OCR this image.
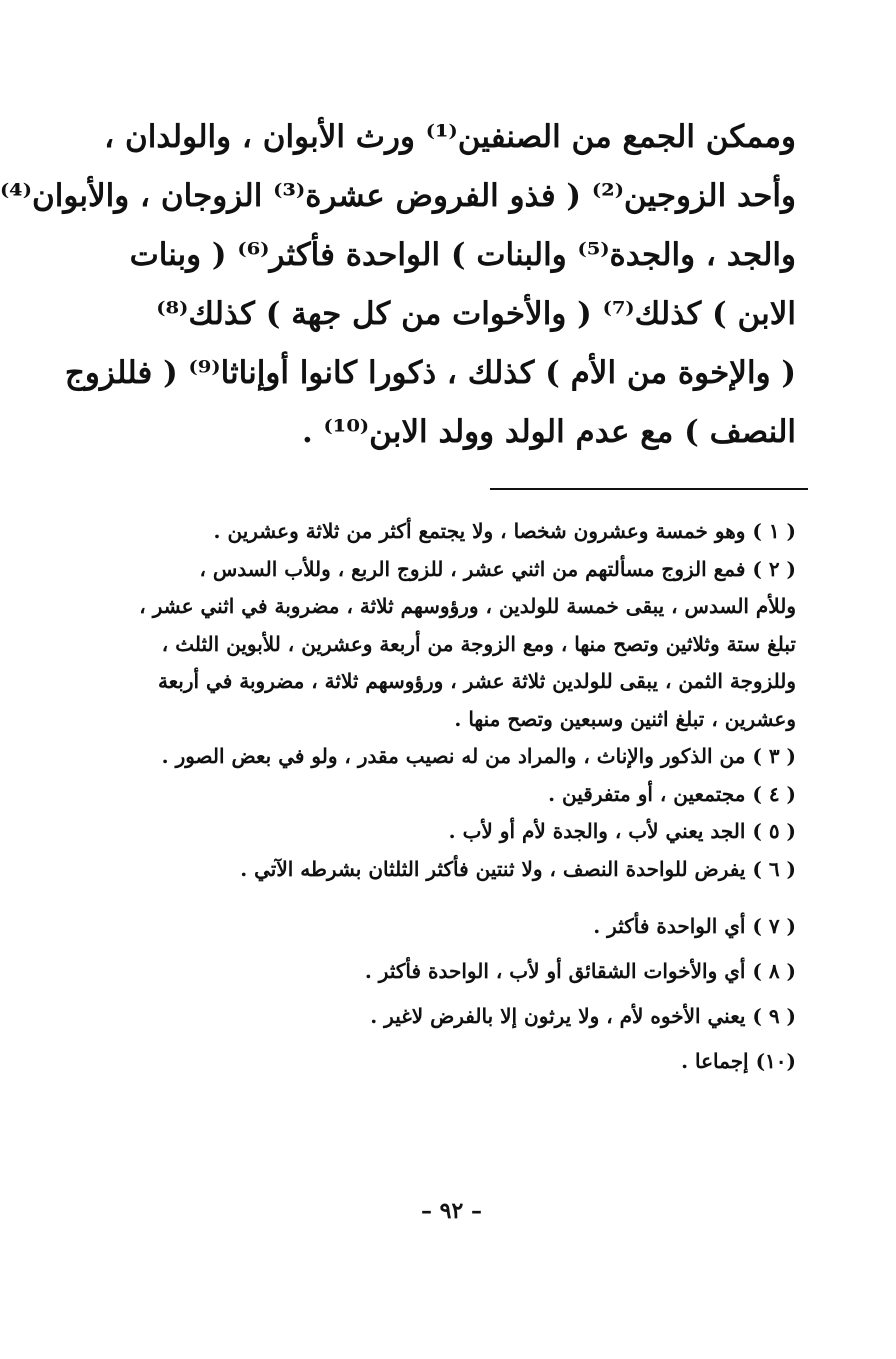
وممكن الجمع من الصنفين⁽¹⁾ ورث الأبوان ، والولدان ،
وأحد الزوجين⁽²⁾ ( فذو الفروض عشرة⁽³⁾ الزوجان ، والأبوان⁽⁴⁾
والجد ، والجدة⁽⁵⁾ والبنات ) الواحدة فأكثر⁽⁶⁾ ( وبنات
الابن ) كذلك⁽⁷⁾ ( والأخوات من كل جهة ) كذلك⁽⁸⁾
( والإخوة من الأم ) كذلك ، ذكورا كانوا أوإناثا⁽⁹⁾ ( فللزوج
النصف ) مع عدم الولد وولد الابن⁽¹⁰⁾ .
( ١ ) وهو خمسة وعشرون شخصا ، ولا يجتمع أكثر من ثلاثة وعشرين .
( ٢ ) فمع الزوج مسألتهم من اثني عشر ، للزوج الربع ، وللأب السدس ،
وللأم السدس ، يبقى خمسة للولدين ، ورؤوسهم ثلاثة ، مضروبة في اثني عشر ،
تبلغ ستة وثلاثين وتصح منها ، ومع الزوجة من أربعة وعشرين ، للأبوين الثلث ،
وللزوجة الثمن ، يبقى للولدين ثلاثة عشر ، ورؤوسهم ثلاثة ، مضروبة في أربعة
وعشرين ، تبلغ اثنين وسبعين وتصح منها .
( ٣ ) من الذكور والإناث ، والمراد من له نصيب مقدر ، ولو في بعض الصور .
( ٤ ) مجتمعين ، أو متفرقين .
( ٥ ) الجد يعني لأب ، والجدة لأم أو لأب .
( ٦ ) يفرض للواحدة النصف ، ولا ثنتين فأكثر الثلثان بشرطه الآتي .
( ٧ ) أي الواحدة فأكثر .
( ٨ ) أي والأخوات الشقائق أو لأب ، الواحدة فأكثر .
( ٩ ) يعني الأخوه لأم ، ولا يرثون إلا بالفرض لاغير .
(١٠) إجماعا .
– ٩٢ –
